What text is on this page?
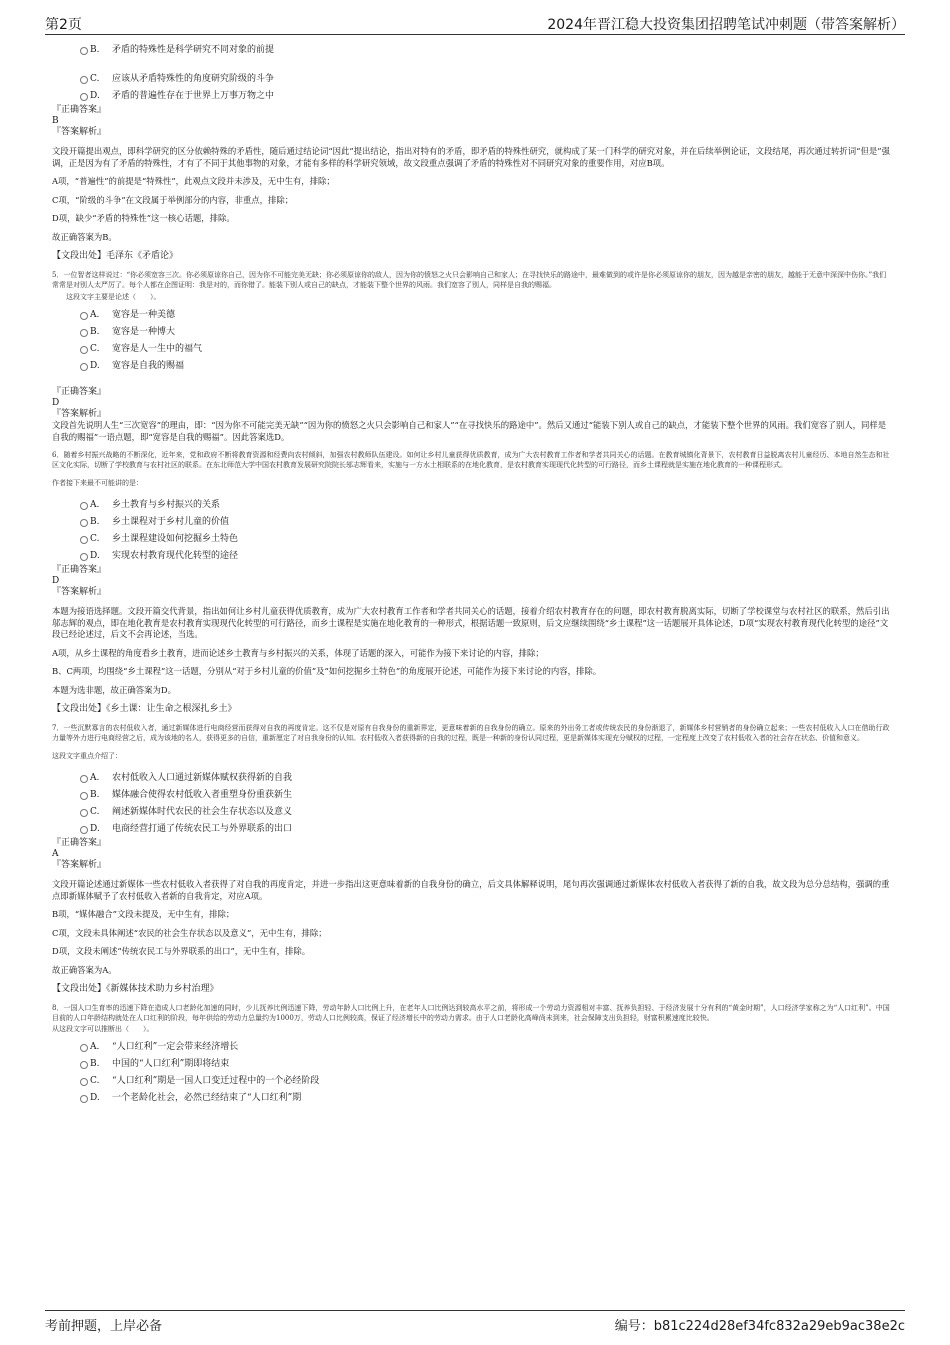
第2页	2024年晋江稳大投资集团招聘笔试冲刺题（带答案解析）
B. 矛盾的特殊性是科学研究不同对象的前提
C. 应该从矛盾特殊性的角度研究阶级的斗争
D. 矛盾的普遍性存在于世界上万事万物之中
『正确答案』
B
『答案解析』
文段开篇提出观点，即科学研究的区分依赖特殊的矛盾性，随后通过结论词“因此”提出结论，指出对特有的矛盾，即矛盾的特殊性研究，就构成了某一门科学的研究对象，并在后续举例论证，文段结尾，再次通过转折词“但是”强调，正是因为有了矛盾的特殊性，才有了不同于其他事物的对象，才能有多样的科学研究领域，故文段重点强调了矛盾的特殊性对不同研究对象的重要作用，对应B项。
A项，“普遍性”的前提是“特殊性”，此观点文段并未涉及，无中生有，排除；
C项，“阶级的斗争”在文段属于举例部分的内容，非重点，排除；
D项，缺少“矛盾的特殊性”这一核心话题，排除。
故正确答案为B。
【文段出处】毛泽东《矛盾论》
5．一位智者这样说过：“你必须宽容三次。你必须原谅你自己，因为你不可能完美无缺；你必须原谅你的敌人，因为你的愤怒之火只会影响自己和家人；在寻找快乐的路途中，最难做到的或许是你必须原谅你的朋友，因为越是亲密的朋友，越能于无意中深深中伤你。”我们常常是对别人太严厉了。每个人都在企图证明：我是对的，而你错了。能装下别人或自己的缺点，才能装下整个世界的风雨。我们宽容了别人，同样是自我的赐福。
这段文字主要是论述（　　）。
A. 宽容是一种美德
B. 宽容是一种博大
C. 宽容是人一生中的福气
D. 宽容是自我的赐福
『正确答案』
D
『答案解析』
文段首先说明人生“三次宽容”的理由，即：“因为你不可能完美无缺”“因为你的愤怒之火只会影响自己和家人”“在寻找快乐的路途中”。然后又通过“能装下别人或自己的缺点，才能装下整个世界的风雨。我们宽容了别人，同样是自我的赐福”一语点题，即“宽容是自我的赐福”。因此答案选D。
6．随着乡村振兴战略的不断深化，近年来，党和政府不断将教育资源和经费向农村倾斜，加强农村教师队伍建设。如何让乡村儿童获得优质教育，成为广大农村教育工作者和学者共同关心的话题。在教育城镇化背景下，农村教育日益脱离农村儿童经历、本地自然生态和社区文化实际，切断了学校教育与农村社区的联系。在东北师范大学中国农村教育发展研究院院长邬志辉看来，实施与一方水土相联系的在地化教育，是农村教育实现现代化转型的可行路径，而乡土课程就是实施在地化教育的一种课程形式。
作者接下来最不可能讲的是：
A. 乡土教育与乡村振兴的关系
B. 乡土课程对于乡村儿童的价值
C. 乡土课程建设如何挖掘乡土特色
D. 实现农村教育现代化转型的途径
『正确答案』
D
『答案解析』
本题为接语选择题。文段开篇交代背景，指出如何让乡村儿童获得优质教育，成为广大农村教育工作者和学者共同关心的话题，接着介绍农村教育存在的问题，即农村教育脱离实际，切断了学校课堂与农村社区的联系，然后引出邬志辉的观点，即在地化教育是农村教育实现现代化转型的可行路径，而乡土课程是实施在地化教育的一种形式，根据话题一致原则，后文应继续围绕“乡土课程”这一话题展开具体论述，D项“实现农村教育现代化转型的途径”文段已经论述过，后文不会再论述，当选。
A项，从乡土课程的角度看乡土教育，进而论述乡土教育与乡村振兴的关系，体现了话题的深入，可能作为接下来讨论的内容，排除；
B、C两项，均围绕“乡土课程”这一话题，分别从“对于乡村儿童的价值”及“如何挖掘乡土特色”的角度展开论述，可能作为接下来讨论的内容，排除。
本题为选非题，故正确答案为D。
【文段出处】《乡土课：让生命之根深扎乡土》
7．一些沉默寡言的农村低收入者，通过新媒体进行电商经营而获得对自我的再度肯定。这不仅是对原有自我身份的重新界定，更意味着新的自我身份的确立。原来的外出务工者或传统农民的身份渐退了，新媒体乡村营销者的身份确立起来；一些农村低收入人口在借助行政力量等外力进行电商经营之后，成为该地的名人，获得更多的自信，重新厘定了对自我身份的认知。农村低收入者获得新的自我的过程，既是一种新的身份认同过程，更是新媒体实现充分赋权的过程，一定程度上改变了农村低收入者的社会存在状态、价值和意义。
这段文字重点介绍了：
A. 农村低收入人口通过新媒体赋权获得新的自我
B. 媒体融合使得农村低收入者重塑身份重获新生
C. 阐述新媒体时代农民的社会生存状态以及意义
D. 电商经营打通了传统农民工与外界联系的出口
『正确答案』
A
『答案解析』
文段开篇论述通过新媒体一些农村低收入者获得了对自我的再度肯定，并进一步指出这更意味着新的自我身份的确立，后文具体解释说明，尾句再次强调通过新媒体农村低收入者获得了新的自我，故文段为总分总结构，强调的重点即新媒体赋予了农村低收入者新的自我肯定，对应A项。
B项，“媒体融合”文段未提及，无中生有，排除；
C项，文段未具体阐述“农民的社会生存状态以及意义”，无中生有，排除；
D项，文段未阐述“传统农民工与外界联系的出口”，无中生有，排除。
故正确答案为A。
【文段出处】《新媒体技术助力乡村治理》
8．一国人口生育率的迅速下降在造成人口老龄化加速的同时，少儿抚养比例迅速下降，劳动年龄人口比例上升，在老年人口比例达到较高水平之前，将形成一个劳动力资源相对丰富、抚养负担轻、于经济发展十分有利的“黄金时期”，人口经济学家称之为“人口红利”。中国目前的人口年龄结构就处在人口红利的阶段，每年供给的劳动力总量约为1000万，劳动人口比例较高，保证了经济增长中的劳动力需求。由于人口老龄化高峰尚未到来，社会保障支出负担轻，财富积累速度比较快。
从这段文字可以推断出（　　）。
A. “人口红利”一定会带来经济增长
B. 中国的“人口红利”期即将结束
C. “人口红利”期是一国人口变迁过程中的一个必经阶段
D. 一个老龄化社会，必然已经结束了“人口红利”期
考前押题，上岸必备	编号：b81c224d28ef34fc832a29eb9ac38e2c
